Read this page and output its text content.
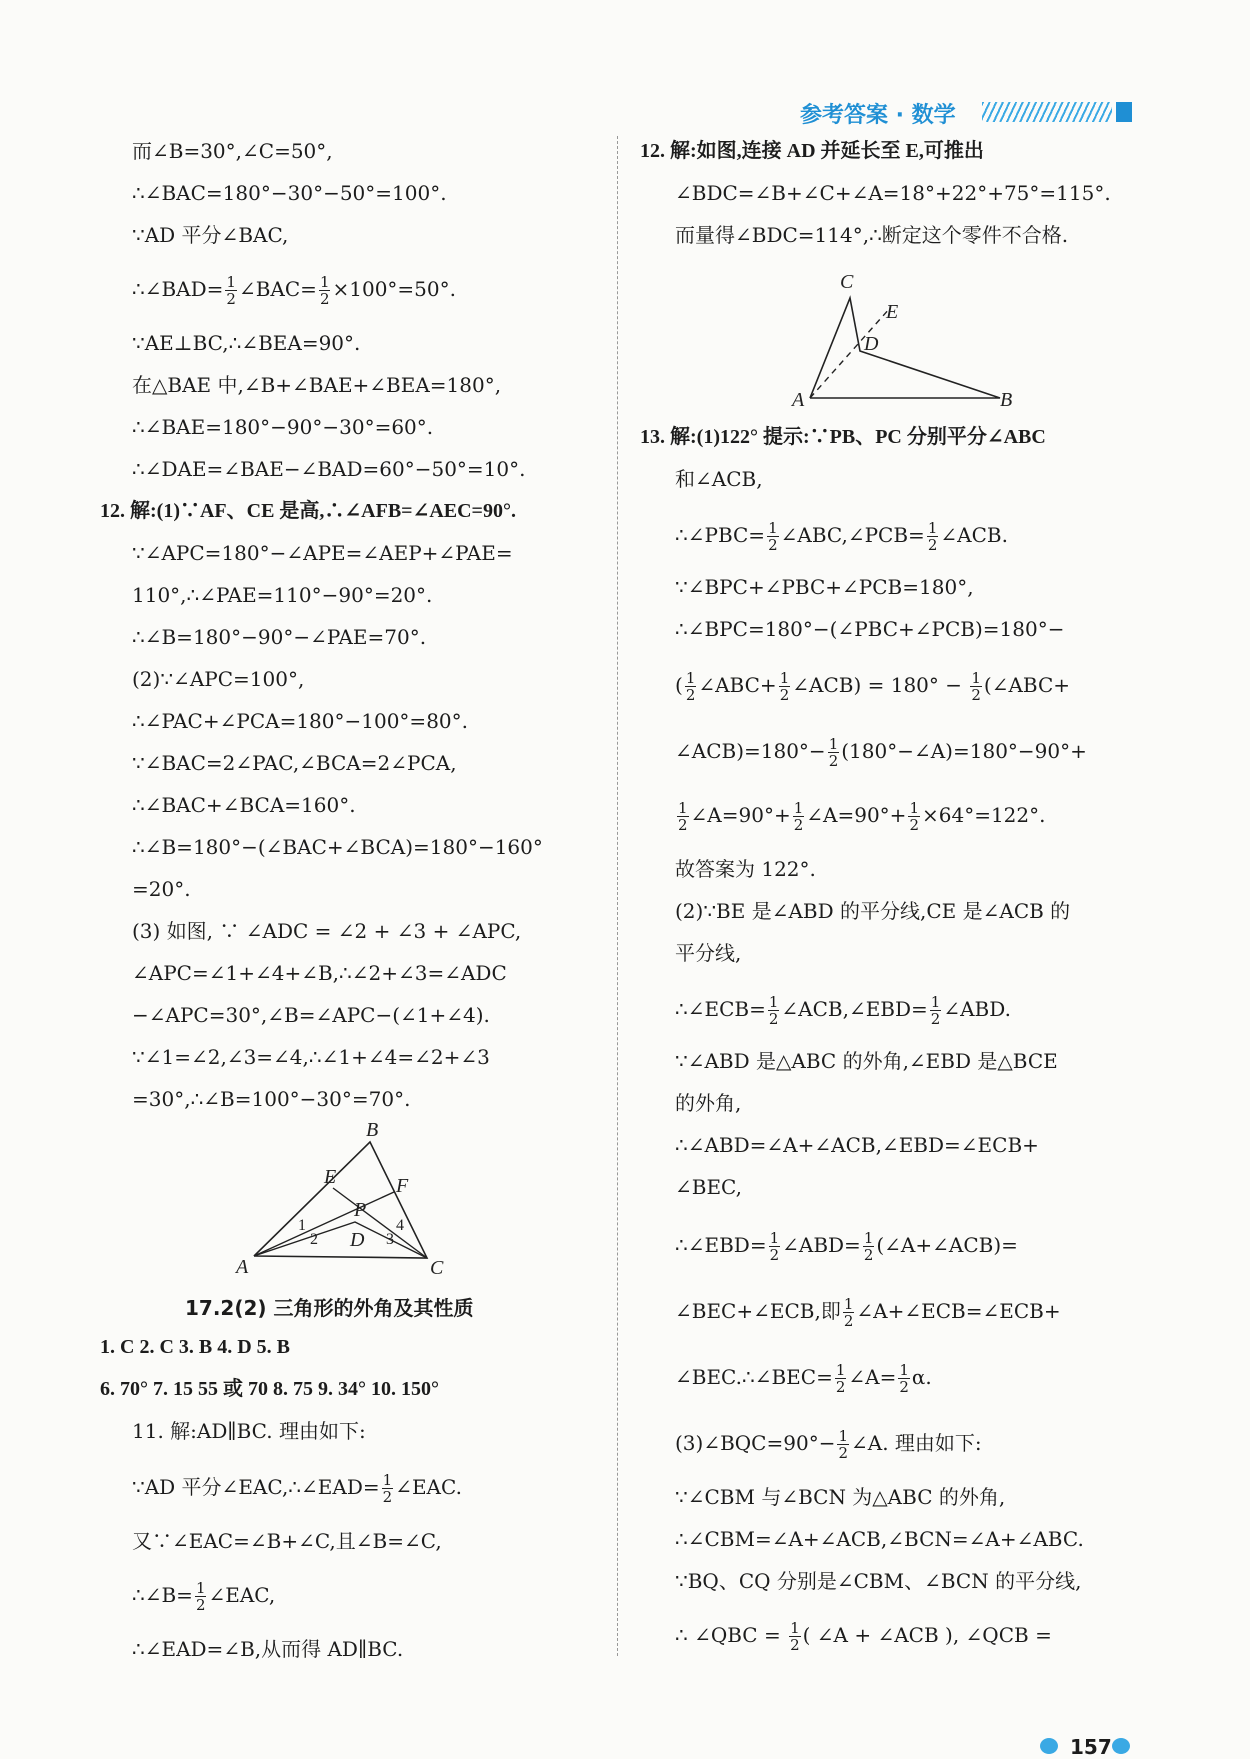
参考答案 · 数学
而∠B=30°,∠C=50°,
∴∠BAC=180°−30°−50°=100°.
∵AD 平分∠BAC,
∴∠BAD= $\frac{1}{2}$ ∠BAC= $\frac{1}{2} \times 100^\circ=50^\circ$.
∵AE⊥BC,∴∠BEA=90°.
在△BAE 中,∠B+∠BAE+∠BEA=180°,
∴∠BAE=180°−90°−30°=60°.
∴∠DAE=∠BAE−∠BAD=60°−50°=10°.
12. 解:(1)∵AF、CE 是高,∴∠AFB=∠AEC=90°.
∵∠APC=180°−∠APE=∠AEP+∠PAE=
110°,∴∠PAE=110°−90°=20°.
∴∠B=180°−90°−∠PAE=70°.
(2)∵∠APC=100°,
∴∠PAC+∠PCA=180°−100°=80°.
∵∠BAC=2∠PAC,∠BCA=2∠PCA,
∴∠BAC+∠BCA=160°.
∴∠B=180°−(∠BAC+∠BCA)=180°−160°
=20°.
(3) 如图, ∵ ∠ADC = ∠2 + ∠3 + ∠APC,
∠APC=∠1+∠4+∠B,∴∠2+∠3=∠ADC
−∠APC=30°,∠B=∠APC−(∠1+∠4).
∵∠1=∠2,∠3=∠4,∴∠1+∠4=∠2+∠3
=30°,∴∠B=100°−30°=70°.
A
B
C
D
E	F
P
1
2	3
4
17.2(2) 三角形的外角及其性质
1. C 2. C 3. B 4. D 5. B
6. 70° 7. 15 55 或 70 8. 75 9. 34° 10. 150°
11. 解:AD∥BC. 理由如下:
∵AD 平分∠EAC,∴∠EAD= $\frac{1}{2}$ ∠EAC.
又∵∠EAC=∠B+∠C,且∠B=∠C,
∴∠B= $\frac{1}{2}$ ∠EAC,
∴∠EAD=∠B,从而得 AD∥BC.
12. 解:如图,连接 AD 并延长至 E,可推出
∠BDC=∠B+∠C+∠A=18°+22°+75°=115°.
而量得∠BDC=114°,∴断定这个零件不合格.
C
E
D
A	B
13. 解:(1)122° 提示:∵PB、PC 分别平分∠ABC
和∠ACB,
∴∠PBC= $\frac{1}{2}$ ∠ABC,∠PCB= $\frac{1}{2}$ ∠ACB.
∵∠BPC+∠PBC+∠PCB=180°,
∴∠BPC=180°−(∠PBC+∠PCB)=180°−
( $\frac{1}{2}$ ∠ABC+ $\frac{1}{2}$ ∠ACB) = $180^\circ - \frac{1}{2}$ (∠ABC+
∠ACB)=180°− $\frac{1}{2}$ (180°−∠A)=180°−90°+
$\frac{1}{2}$ ∠A=90°+ $\frac{1}{2}$ ∠A=90°+ $\frac{1}{2} \times 64^\circ=122^\circ$.
故答案为 122°.
(2)∵BE 是∠ABD 的平分线,CE 是∠ACB 的
平分线,
∴∠ECB= $\frac{1}{2}$ ∠ACB,∠EBD= $\frac{1}{2}$ ∠ABD.
∵∠ABD 是△ABC 的外角,∠EBD 是△BCE
的外角,
∴∠ABD=∠A+∠ACB,∠EBD=∠ECB+
∠BEC,
∴∠EBD= $\frac{1}{2}$ ∠ABD= $\frac{1}{2}$ (∠A+∠ACB)=
∠BEC+∠ECB,即 $\frac{1}{2}$ ∠A+∠ECB=∠ECB+
∠BEC.∴∠BEC= $\frac{1}{2}$ ∠A= $\frac{1}{2} \alpha$.
(3)∠BQC=90°− $\frac{1}{2}$ ∠A. 理由如下:
∵∠CBM 与∠BCN 为△ABC 的外角,
∴∠CBM=∠A+∠ACB,∠BCN=∠A+∠ABC.
∵BQ、CQ 分别是∠CBM、∠BCN 的平分线,
∴ ∠QBC = $\frac{1}{2}$ ( ∠A + ∠ACB ), ∠QCB =
157
